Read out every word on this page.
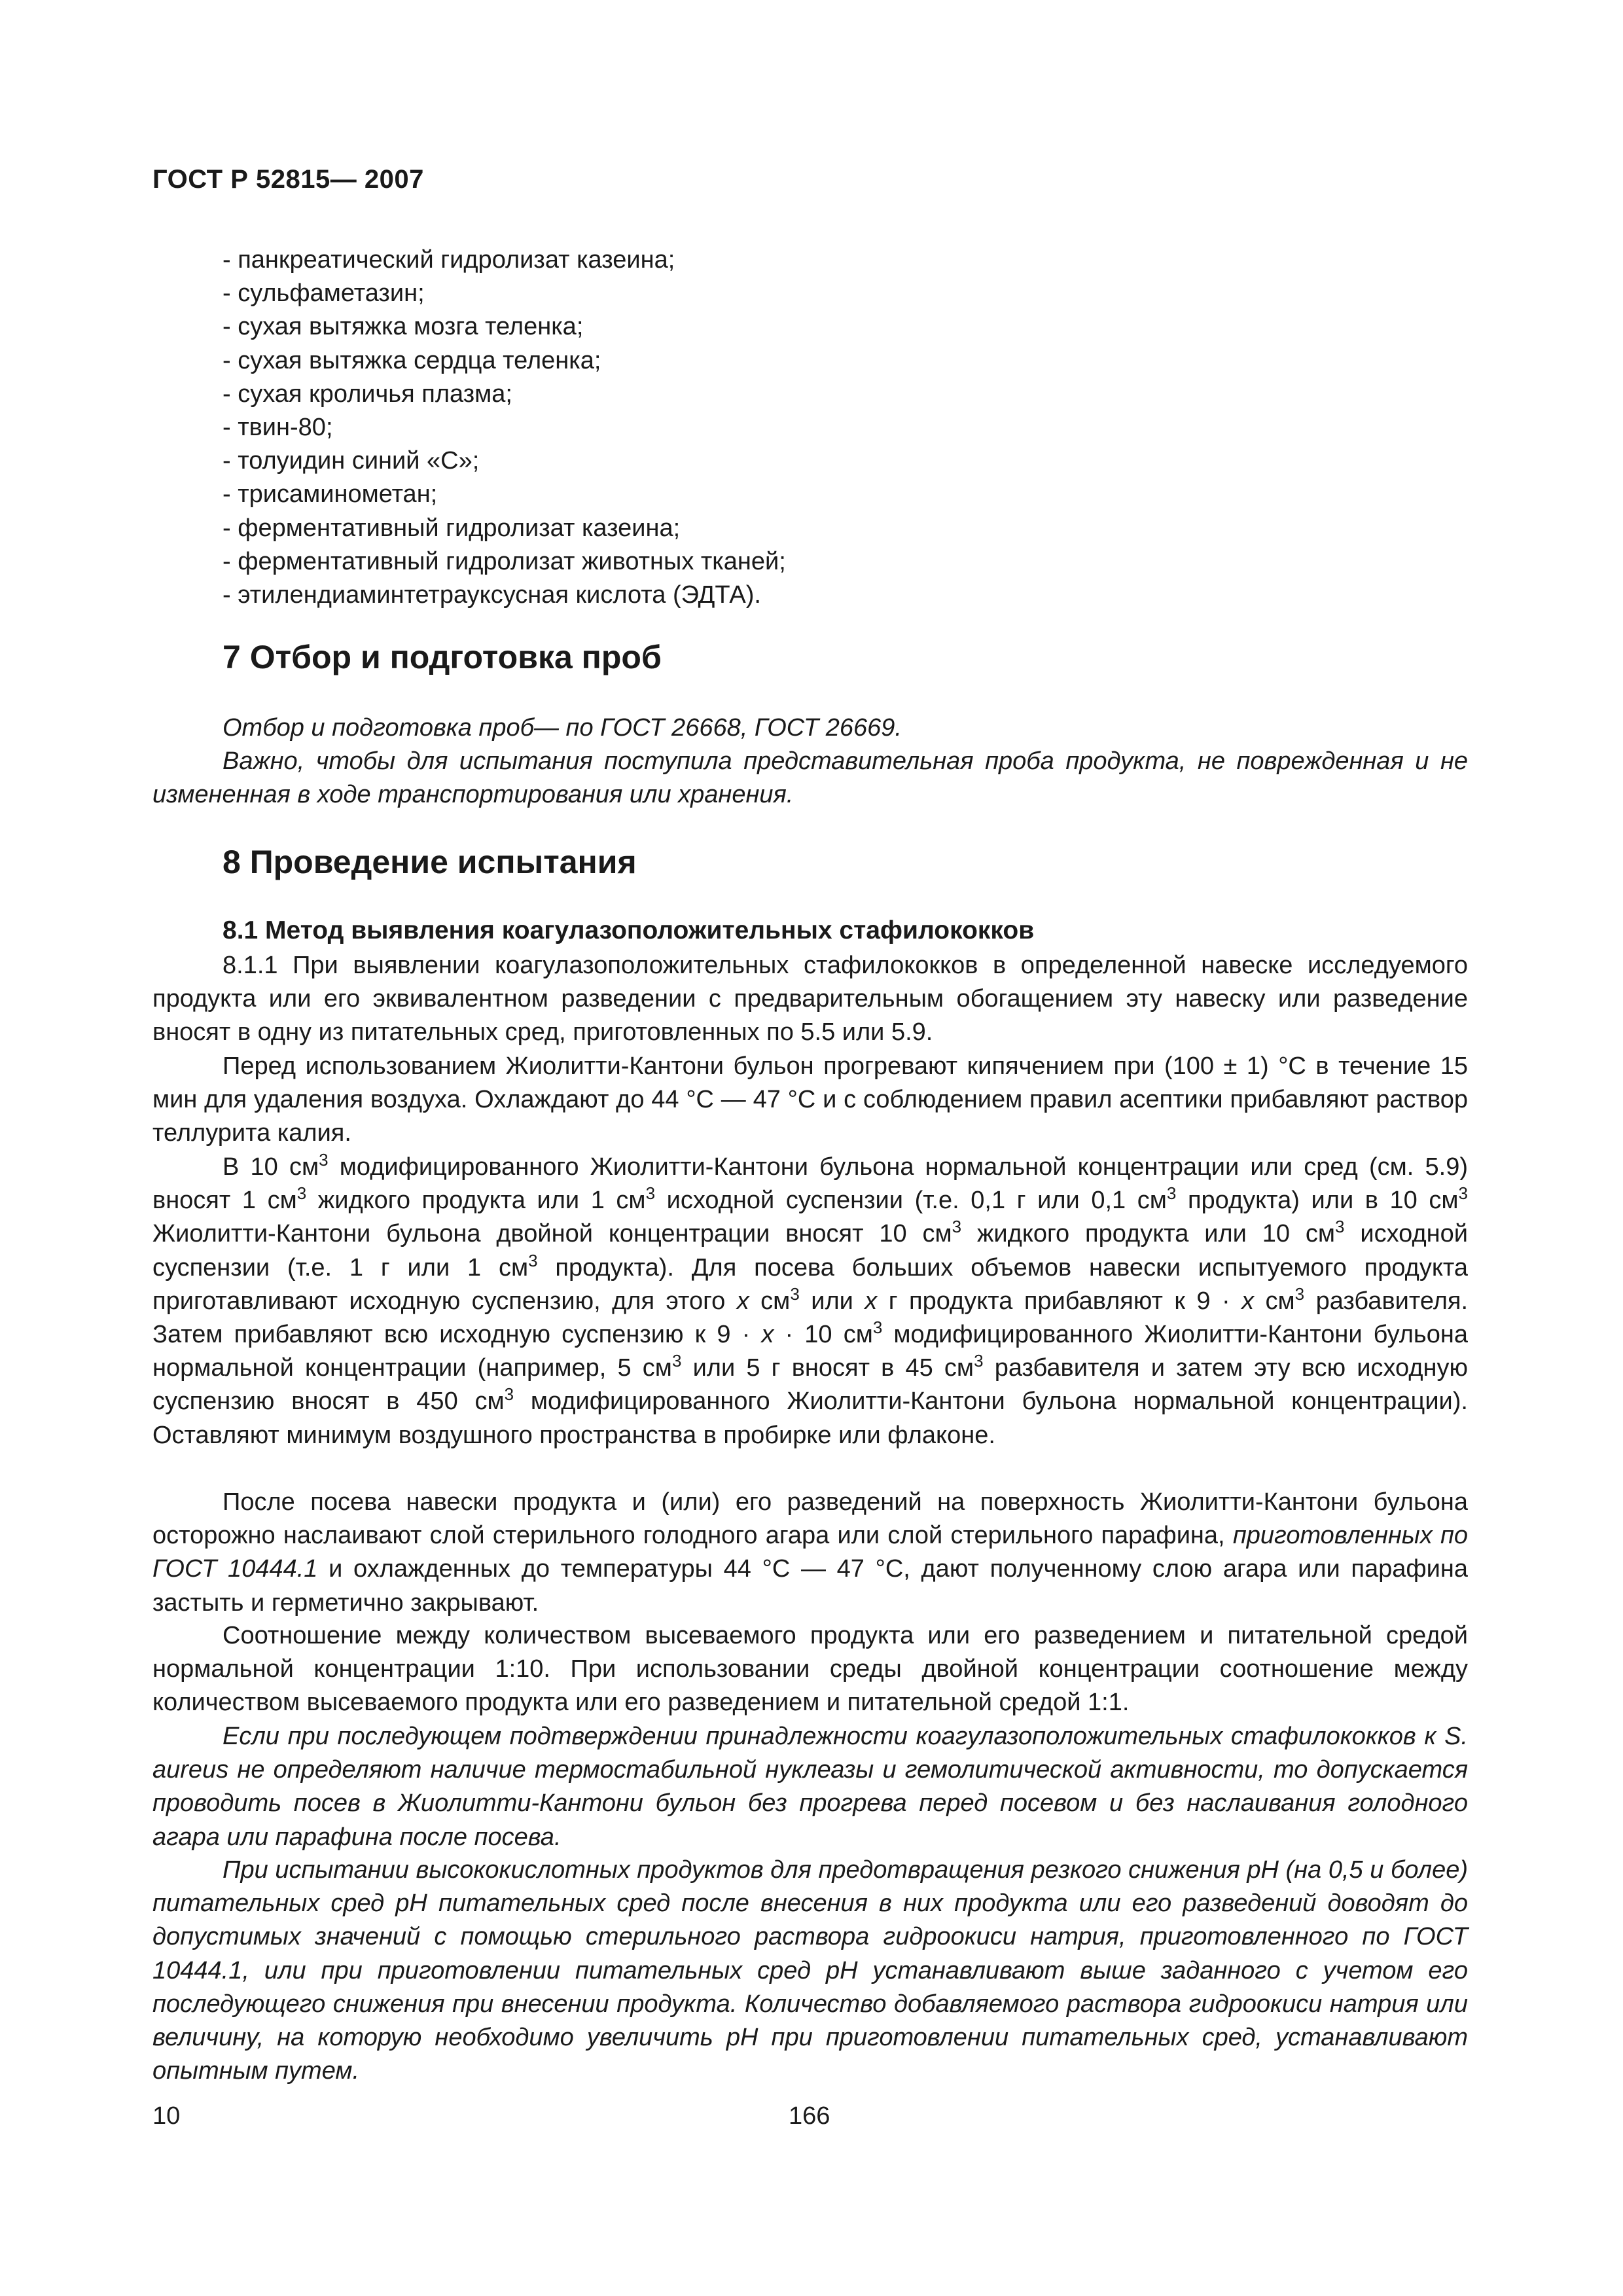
ГОСТ Р 52815— 2007
- панкреатический гидролизат казеина;
- сульфаметазин;
- сухая вытяжка мозга теленка;
- сухая вытяжка сердца теленка;
- сухая кроличья плазма;
- твин-80;
- толуидин синий «С»;
- трисаминометан;
- ферментативный гидролизат казеина;
- ферментативный гидролизат животных тканей;
- этилендиаминтетрауксусная кислота (ЭДТА).
7 Отбор и подготовка проб

Отбор и подготовка проб— по ГОСТ 26668, ГОСТ 26669.

Важно, чтобы для испытания поступила представительная проба продукта, не поврежденная и не измененная в ходе транспортирования или хранения.

8 Проведение испытания
8.1 Метод выявления коагулазоположительных стафилококков

8.1.1 При выявлении коагулазоположительных стафилококков в определенной навеске исследуемого продукта или его эквивалентном разведении с предварительным обогащением эту навеску или разведение вносят в одну из питательных сред, приготовленных по 5.5 или 5.9.

Перед использованием Жиолитти-Кантони бульон прогревают кипячением при (100 ± 1) °С в течение 15 мин для удаления воздуха. Охлаждают до 44 °С — 47 °С и с соблюдением правил асептики прибавляют раствор теллурита калия.

В 10 $см^3$ модифицированного Жиолитти-Кантони бульона нормальной концентрации или сред (см. 5.9) вносят 1 $см^3$ жидкого продукта или 1 $см^3$ исходной суспензии (т.е. 0,1 г или 0,1 $см^3$ продукта) или в 10 $см^3$ Жиолитти-Кантони бульона двойной концентрации вносят 10 $см^3$ жидкого продукта или 10 $см^3$ исходной суспензии (т.е. 1 г или 1 $см^3$ продукта). Для посева больших объемов навески испытуемого продукта приготавливают исходную суспензию, для этого х $см^3$ или х г продукта прибавляют к 9 · х $см^3$ разбавителя. Затем прибавляют всю исходную суспензию к 9 · х · 10 $см^3$ модифицированного Жиолитти-Кантони бульона нормальной концентрации (например, 5 $см^3$ или 5 г вносят в 45 $см^3$ разбавителя и затем эту всю исходную суспензию вносят в 450 $см^3$ модифицированного Жиолитти-Кантони бульона нормальной концентрации). Оставляют минимум воздушного пространства в пробирке или флаконе.

После посева навески продукта и (или) его разведений на поверхность Жиолитти-Кантони бульона осторожно наслаивают слой стерильного голодного агара или слой стерильного парафина, приготовленных по ГОСТ 10444.1 и охлажденных до температуры 44 °С — 47 °С, дают полученному слою агара или парафина застыть и герметично закрывают.

Соотношение между количеством высеваемого продукта или его разведением и питательной средой нормальной концентрации 1:10. При использовании среды двойной концентрации соотношение между количеством высеваемого продукта или его разведением и питательной средой 1:1.

Если при последующем подтверждении принадлежности коагулазоположительных стафилококков к S. aureus не определяют наличие термостабильной нуклеазы и гемолитической активности, то допускается проводить посев в Жиолитти-Кантони бульон без прогрева перед посевом и без наслаивания голодного агара или парафина после посева.

При испытании высококислотных продуктов для предотвращения резкого снижения pH (на 0,5 и более) питательных сред pH питательных сред после внесения в них продукта или его разведений доводят до допустимых значений с помощью стерильного раствора гидроокиси натрия, приготовленного по ГОСТ 10444.1, или при приготовлении питательных сред pH устанавливают выше заданного с учетом его последующего снижения при внесении продукта. Количество добавляемого раствора гидроокиси натрия или величину, на которую необходимо увеличить pH при приготовлении питательных сред, устанавливают опытным путем.

10	166
